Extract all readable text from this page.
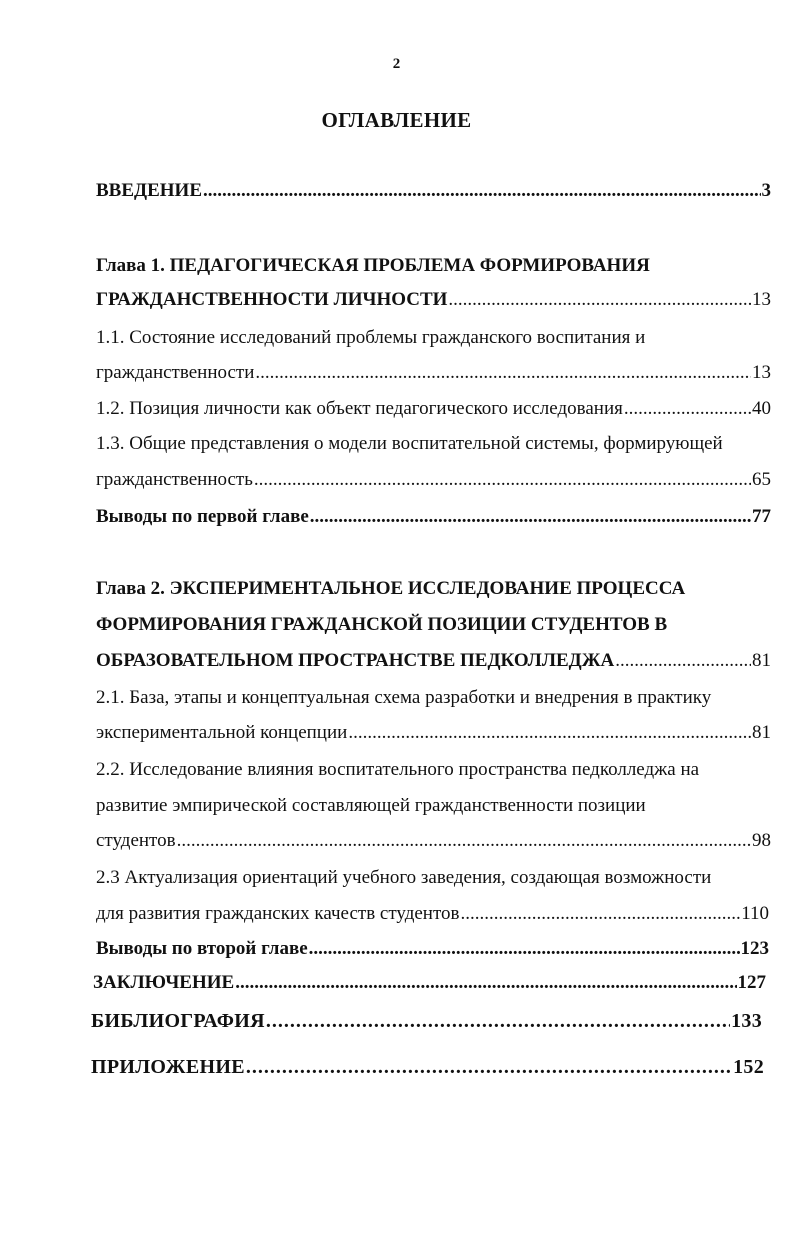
2
ОГЛАВЛЕНИЕ
ВВЕДЕНИЕ .....	3
Глава 1. ПЕДАГОГИЧЕСКАЯ ПРОБЛЕМА ФОРМИРОВАНИЯ
ГРАЖДАНСТВЕННОСТИ ЛИЧНОСТИ .....	13
1.1. Состояние исследований проблемы гражданского воспитания и
гражданственности .....	13
1.2. Позиция личности как объект педагогического исследования .....	40
1.3. Общие представления о модели воспитательной системы, формирующей
гражданственность .....	65
Выводы по первой главе .....	77
Глава 2. ЭКСПЕРИМЕНТАЛЬНОЕ ИССЛЕДОВАНИЕ ПРОЦЕССА
ФОРМИРОВАНИЯ ГРАЖДАНСКОЙ ПОЗИЦИИ СТУДЕНТОВ В
ОБРАЗОВАТЕЛЬНОМ ПРОСТРАНСТВЕ ПЕДКОЛЛЕДЖА .....	81
2.1. База, этапы и концептуальная схема разработки и внедрения в практику
экспериментальной концепции .....	81
2.2. Исследование влияния воспитательного пространства педколледжа на
развитие эмпирической составляющей гражданственности позиции
студентов .....	98
2.3 Актуализация ориентаций учебного заведения, создающая возможности
для развития гражданских качеств студентов .....	110
Выводы по второй главе .....	123
ЗАКЛЮЧЕНИЕ .....	127
БИБЛИОГРАФИЯ .....	133
ПРИЛОЖЕНИЕ .....	152
